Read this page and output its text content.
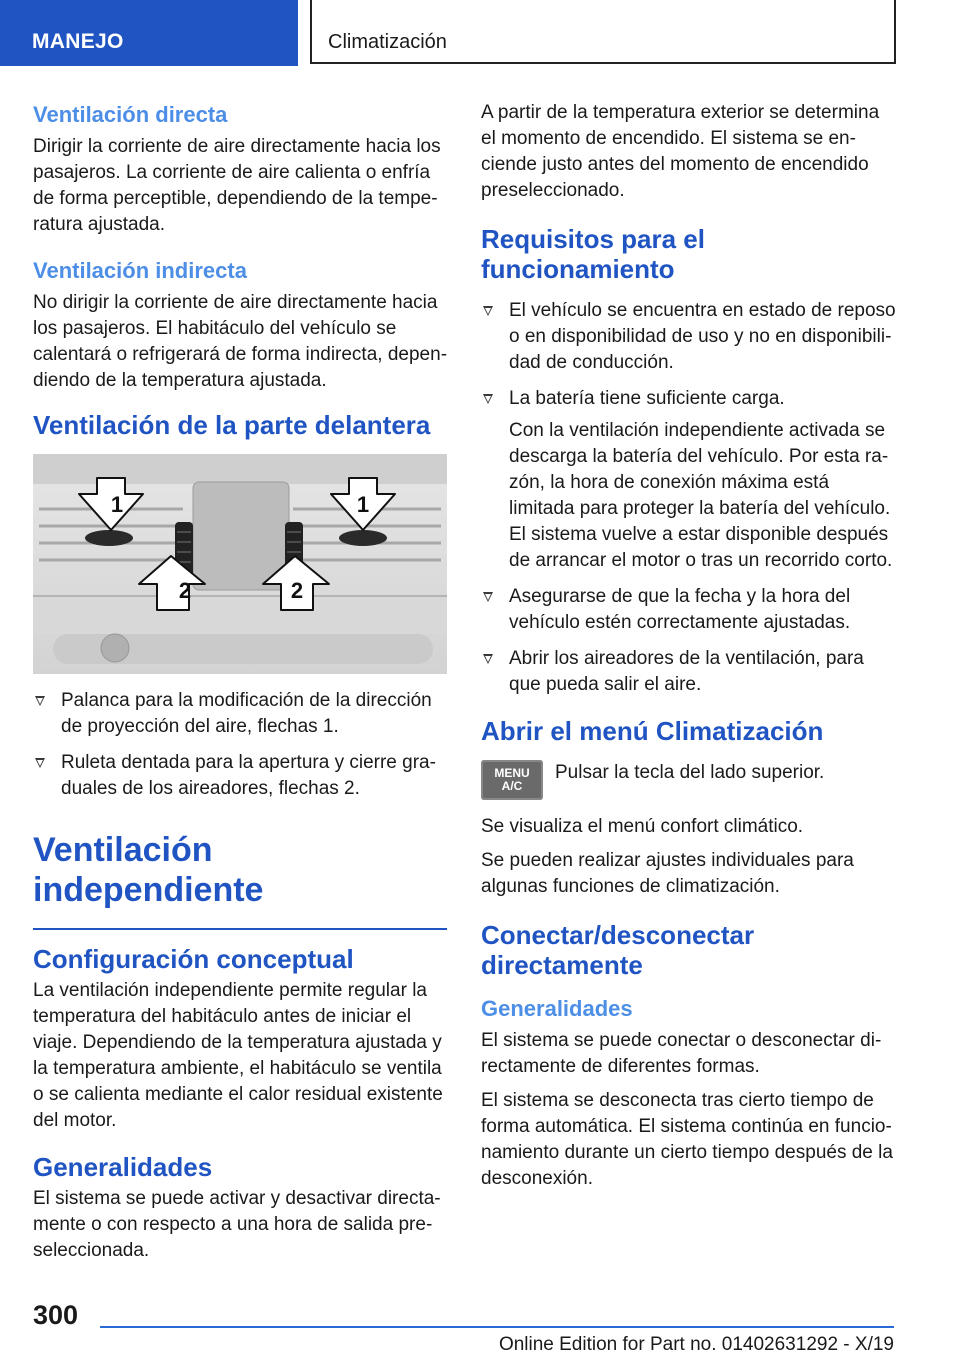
MANEJO	Climatización
Ventilación directa

Dirigir la corriente de aire directamente hacia los pasajeros. La corriente de aire calienta o enfría de forma perceptible, dependiendo de la temperatura ajustada.

Ventilación indirecta

No dirigir la corriente de aire directamente hacia los pasajeros. El habitáculo del vehículo se calentará o refrigerará de forma indirecta, dependiendo de la temperatura ajustada.

Ventilación de la parte delantera
1	1
2	2
Palanca para la modificación de la dirección de proyección del aire, flechas 1.
Ruleta dentada para la apertura y cierre graduales de los aireadores, flechas 2.
Ventilación independiente
Configuración conceptual

La ventilación independiente permite regular la temperatura del habitáculo antes de iniciar el viaje. Dependiendo de la temperatura ajustada y la temperatura ambiente, el habitáculo se ventila o se calienta mediante el calor residual existente del motor.

Generalidades

El sistema se puede activar y desactivar directamente o con respecto a una hora de salida preseleccionada.

A partir de la temperatura exterior se determina el momento de encendido. El sistema se enciende justo antes del momento de encendido preseleccionado.

Requisitos para el funcionamiento
El vehículo se encuentra en estado de reposo o en disponibilidad de uso y no en disponibilidad de conducción.
La batería tiene suficiente carga.

Con la ventilación independiente activada se descarga la batería del vehículo. Por esta razón, la hora de conexión máxima está limitada para proteger la batería del vehículo. El sistema vuelve a estar disponible después de arrancar el motor o tras un recorrido corto.

Asegurarse de que la fecha y la hora del vehículo estén correctamente ajustadas.
Abrir los aireadores de la ventilación, para que pueda salir el aire.
Abrir el menú Climatización
MENU
A/C

Pulsar la tecla del lado superior.

Se visualiza el menú confort climático.

Se pueden realizar ajustes individuales para algunas funciones de climatización.

Conectar/desconectar directamente
Generalidades

El sistema se puede conectar o desconectar directamente de diferentes formas.

El sistema se desconecta tras cierto tiempo de forma automática. El sistema continúa en funcionamiento durante un cierto tiempo después de la desconexión.

300
Online Edition for Part no. 01402631292 - X/19
